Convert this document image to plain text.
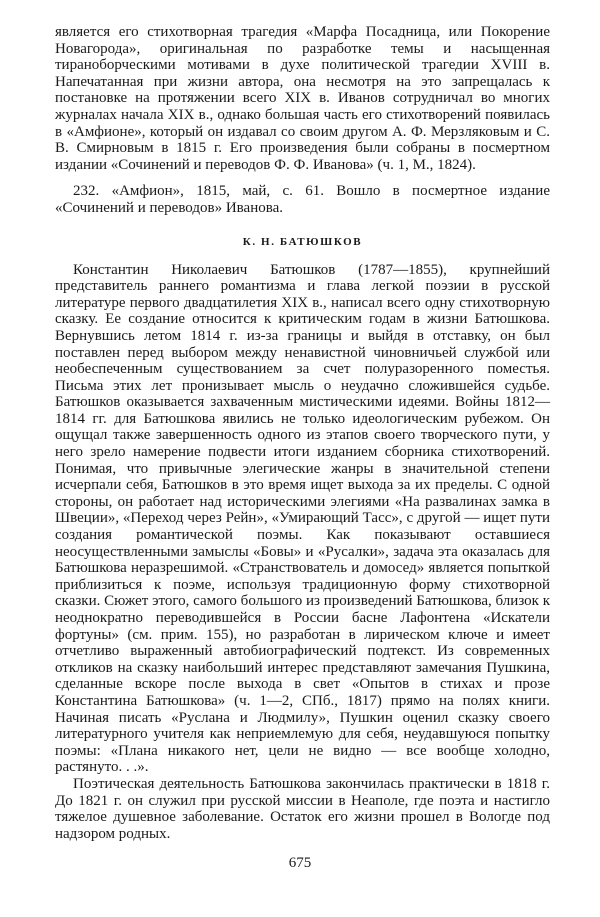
является его стихотворная трагедия «Марфа Посадница, или Покорение Новагорода», оригинальная по разработке темы и насыщенная тираноборческими мотивами в духе политической трагедии XVIII в. Напечатанная при жизни автора, она несмотря на это запрещалась к постановке на протяжении всего XIX в. Иванов сотрудничал во многих журналах начала XIX в., однако большая часть его стихотворений появилась в «Амфионе», который он издавал со своим другом А. Ф. Мерзляковым и С. В. Смирновым в 1815 г. Его произведения были собраны в посмертном издании «Сочинений и переводов Ф. Ф. Иванова» (ч. 1, М., 1824).

232. «Амфион», 1815, май, с. 61. Вошло в посмертное издание «Сочинений и переводов» Иванова.

К. Н. БАТЮШКОВ

Константин Николаевич Батюшков (1787—1855), крупнейший представитель раннего романтизма и глава легкой поэзии в русской литературе первого двадцатилетия XIX в., написал всего одну стихотворную сказку. Ее создание относится к критическим годам в жизни Батюшкова. Вернувшись летом 1814 г. из-за границы и выйдя в отставку, он был поставлен перед выбором между ненавистной чиновничьей службой или необеспеченным существованием за счет полуразоренного поместья. Письма этих лет пронизывает мысль о неудачно сложившейся судьбе. Батюшков оказывается захваченным мистическими идеями. Войны 1812—1814 гг. для Батюшкова явились не только идеологическим рубежом. Он ощущал также завершенность одного из этапов своего творческого пути, у него зрело намерение подвести итоги изданием сборника стихотворений. Понимая, что привычные элегические жанры в значительной степени исчерпали себя, Батюшков в это время ищет выхода за их пределы. С одной стороны, он работает над историческими элегиями «На развалинах замка в Швеции», «Переход через Рейн», «Умирающий Тасс», с другой — ищет пути создания романтической поэмы. Как показывают оставшиеся неосуществленными замыслы «Бовы» и «Русалки», задача эта оказалась для Батюшкова неразрешимой. «Странствователь и домосед» является попыткой приблизиться к поэме, используя традиционную форму стихотворной сказки. Сюжет этого, самого большого из произведений Батюшкова, близок к неоднократно переводившейся в России басне Лафонтена «Искатели фортуны» (см. прим. 155), но разработан в лирическом ключе и имеет отчетливо выраженный автобиографический подтекст. Из современных откликов на сказку наибольший интерес представляют замечания Пушкина, сделанные вскоре после выхода в свет «Опытов в стихах и прозе Константина Батюшкова» (ч. 1—2, СПб., 1817) прямо на полях книги. Начиная писать «Руслана и Людмилу», Пушкин оценил сказку своего литературного учителя как неприемлемую для себя, неудавшуюся попытку поэмы: «Плана никакого нет, цели не видно — все вообще холодно, растянуто. . .».

Поэтическая деятельность Батюшкова закончилась практически в 1818 г. До 1821 г. он служил при русской миссии в Неаполе, где поэта и настигло тяжелое душевное заболевание. Остаток его жизни прошел в Вологде под надзором родных.

675
